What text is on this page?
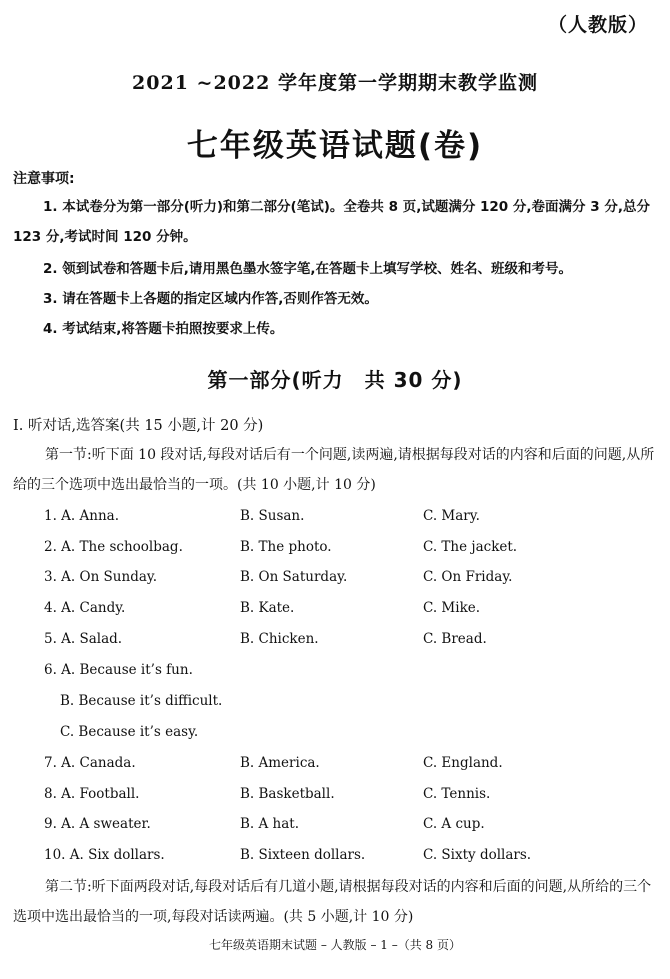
（人教版）
2021 ~2022 学年度第一学期期末教学监测
七年级英语试题(卷)
注意事项:
1. 本试卷分为第一部分(听力)和第二部分(笔试)。全卷共 8 页,试题满分 120 分,卷面满分 3 分,总分 123 分,考试时间 120 分钟。
2. 领到试卷和答题卡后,请用黑色墨水签字笔,在答题卡上填写学校、姓名、班级和考号。
3. 请在答题卡上各题的指定区域内作答,否则作答无效。
4. 考试结束,将答题卡拍照按要求上传。
第一部分(听力　共 30 分)
Ⅰ. 听对话,选答案(共 15 小题,计 20 分)
第一节:听下面 10 段对话,每段对话后有一个问题,读两遍,请根据每段对话的内容和后面的问题,从所给的三个选项中选出最恰当的一项。(共 10 小题,计 10 分)
1. A. Anna.	B. Susan.	C. Mary.
2. A. The schoolbag.	B. The photo.	C. The jacket.
3. A. On Sunday.	B. On Saturday.	C. On Friday.
4. A. Candy.	B. Kate.	C. Mike.
5. A. Salad.	B. Chicken.	C. Bread.
6. A. Because it’s fun.
B. Because it’s difficult.
C. Because it’s easy.
7. A. Canada.	B. America.	C. England.
8. A. Football.	B. Basketball.	C. Tennis.
9. A. A sweater.	B. A hat.	C. A cup.
10. A. Six dollars.	B. Sixteen dollars.	C. Sixty dollars.
第二节:听下面两段对话,每段对话后有几道小题,请根据每段对话的内容和后面的问题,从所给的三个选项中选出最恰当的一项,每段对话读两遍。(共 5 小题,计 10 分)
七年级英语期末试题 – 人教版 – 1 –（共 8 页）
